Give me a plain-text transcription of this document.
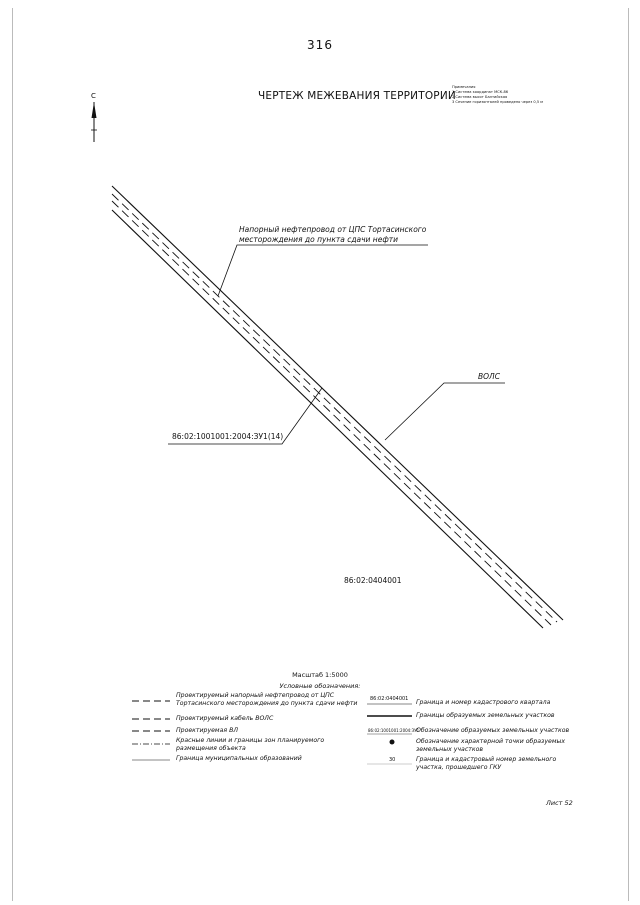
316
ЧЕРТЕЖ МЕЖЕВАНИЯ ТЕРРИТОРИИ
Примечания
1 Система координат МСК-86
2 Система высот Балтийская
3 Сечение горизонталей проведено через 0,5 м
С
Напорный нефтепровод от ЦПС Тортасинского
месторождения до пункта сдачи нефти
ВОЛС
86:02:1001001:2004:ЗУ1(14)
86:02:0404001
Масштаб 1:5000
Условные обозначения:
Проектируемый напорный нефтепровод от ЦПС Тортасинского месторождения до пункта сдачи нефти
Проектируемый кабель ВОЛС
Проектируемая ВЛ
Красные линии и границы зон планируемого размещения объекта
Граница муниципальных образований
86:02:0404001
86:02:1001001:2004:ЗУ1
30
Граница и номер кадастрового квартала
Границы образуемых земельных участков
Обозначение образуемых земельных участков
Обозначение характерной точки образуемых земельных участков
Граница и кадастровый номер земельного участка, прошедшего ГКУ
Лист 52
